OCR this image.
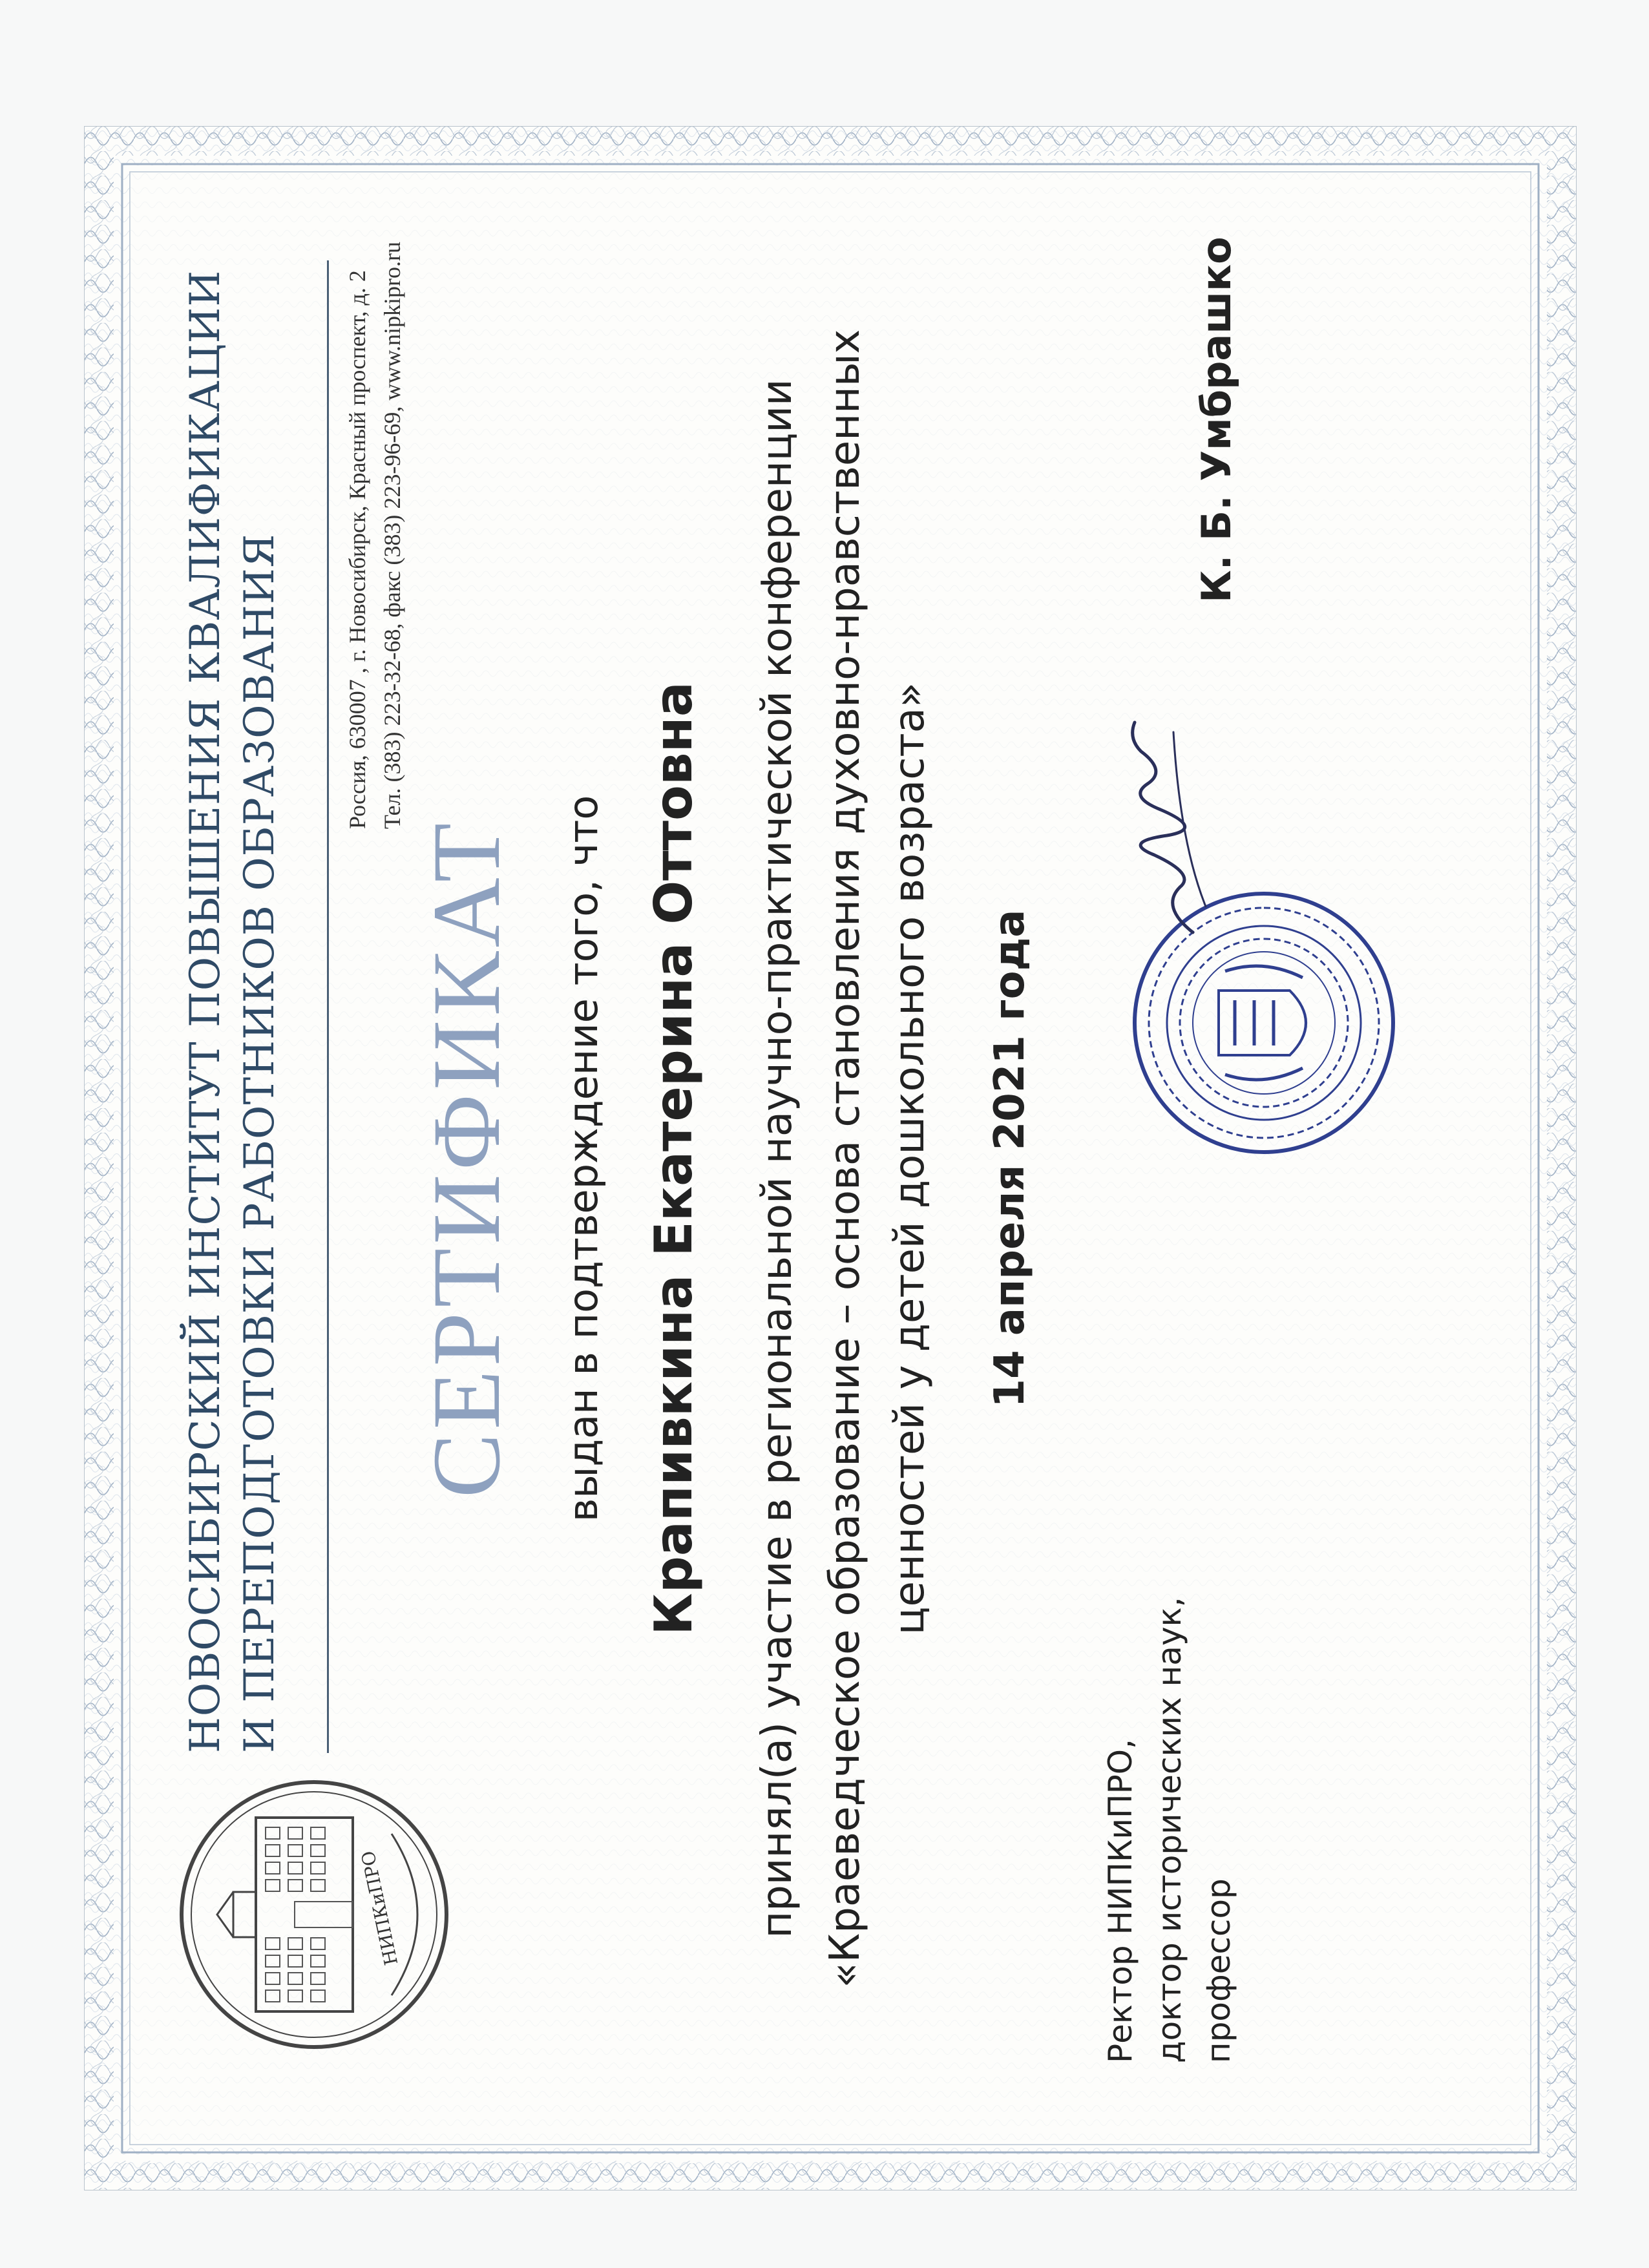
НИПКиПРО
НОВОСИБИРСКИЙ ИНСТИТУТ ПОВЫШЕНИЯ КВАЛИФИКАЦИИ И ПЕРЕПОДГОТОВКИ РАБОТНИКОВ ОБРАЗОВАНИЯ	Россия, 630007 , г. Новосибирск, Красный проспект, д. 2 Тел. (383) 223-32-68, факс (383) 223-96-69, www.nipkipro.ru
СЕРТИФИКАТ выдан в подтверждение того, что Крапивкина Екатерина Оттовна принял(а) участие в региональной научно-практической конференции «Краеведческое образование – основа становления духовно-нравственных ценностей у детей дошкольного возраста» 14 апреля 2021 года
Ректор НИПКиПРО, доктор исторических наук, профессор
К. Б. Умбрашко
